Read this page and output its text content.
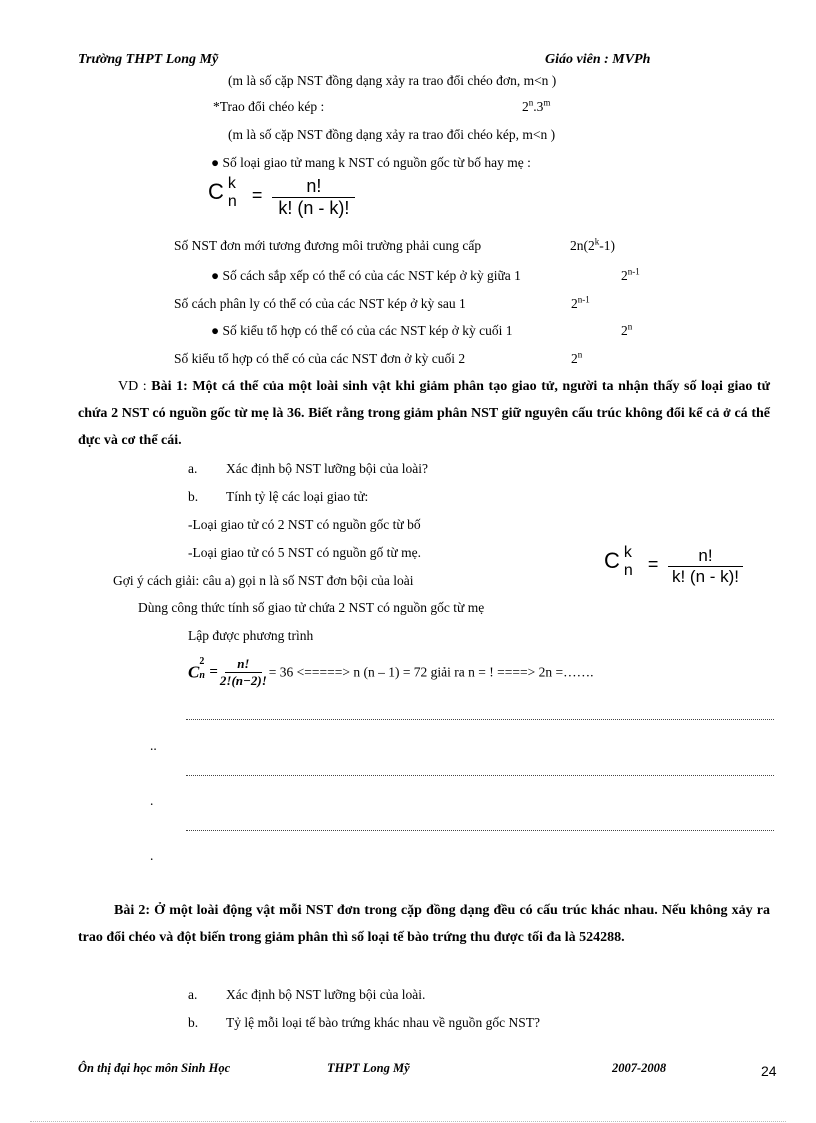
Trường THPT Long Mỹ	Giáo viên : MVPh
(m là số cặp NST đồng dạng xảy ra trao đổi chéo đơn, m<n )
*Trao đổi chéo kép :	2$^n$.3$^m$
(m là số cặp NST đồng dạng xảy ra trao đổi chéo kép, m<n )
● Số loại giao tử mang k NST có nguồn gốc từ bố hay mẹ :
C k
$n = \frac{n!}{k! (n - k)!}$
Số NST đơn mới tương đương môi trường phải cung cấp	2n(2$^k$-1)
● Số cách sắp xếp có thể có của các NST kép ở kỳ giữa 1	2$^{n-1}$
Số cách phân ly có thể có của các NST kép ở kỳ sau 1	2$^{n-1}$
● Số kiểu tổ hợp có thể có của các NST kép ở kỳ cuối 1	2$^n$
Số kiểu tổ hợp có thể có của các NST đơn ở kỳ cuối 2	2$^n$
VD : Bài 1: Một cá thể của một loài sinh vật khi giảm phân tạo giao tử, người ta nhận thấy số loại giao tử chứa 2 NST có nguồn gốc từ mẹ là 36. Biết rằng trong giảm phân NST giữ nguyên cấu trúc không đổi kể cả ở cá thể đực và cơ thể cái.
a. Xác định bộ NST lưỡng bội của loài?
b. Tính tỷ lệ các loại giao tử:
-Loại giao tử có 2 NST có nguồn gốc từ bố
-Loại giao tử có 5 NST có nguồn gố từ mẹ.
Gợi ý cách giải: câu a) gọi n là số NST đơn bội của loài
Dùng công thức tính số giao tử chứa 2 NST có nguồn gốc từ mẹ
Lập được phương trình
C k
$n = \frac{n!}{k! (n - k)!}$
C
2
$n = \frac{n!}{2!(n-2)!} = 36$ <=====> n (n – 1) = 72 giải ra n = ! ====> 2n =…….
..
.
.
Bài 2: Ở một loài động vật mỗi NST đơn trong cặp đồng dạng đều có cấu trúc khác nhau. Nếu không xảy ra trao đổi chéo và đột biến trong giảm phân thì số loại tế bào trứng thu được tối đa là 524288.
a. Xác định bộ NST lưỡng bội của loài.
b. Tỷ lệ mỗi loại tế bào trứng khác nhau về nguồn gốc NST?
Ôn thị đại học môn Sinh Học	THPT Long Mỹ	2007-2008	24
